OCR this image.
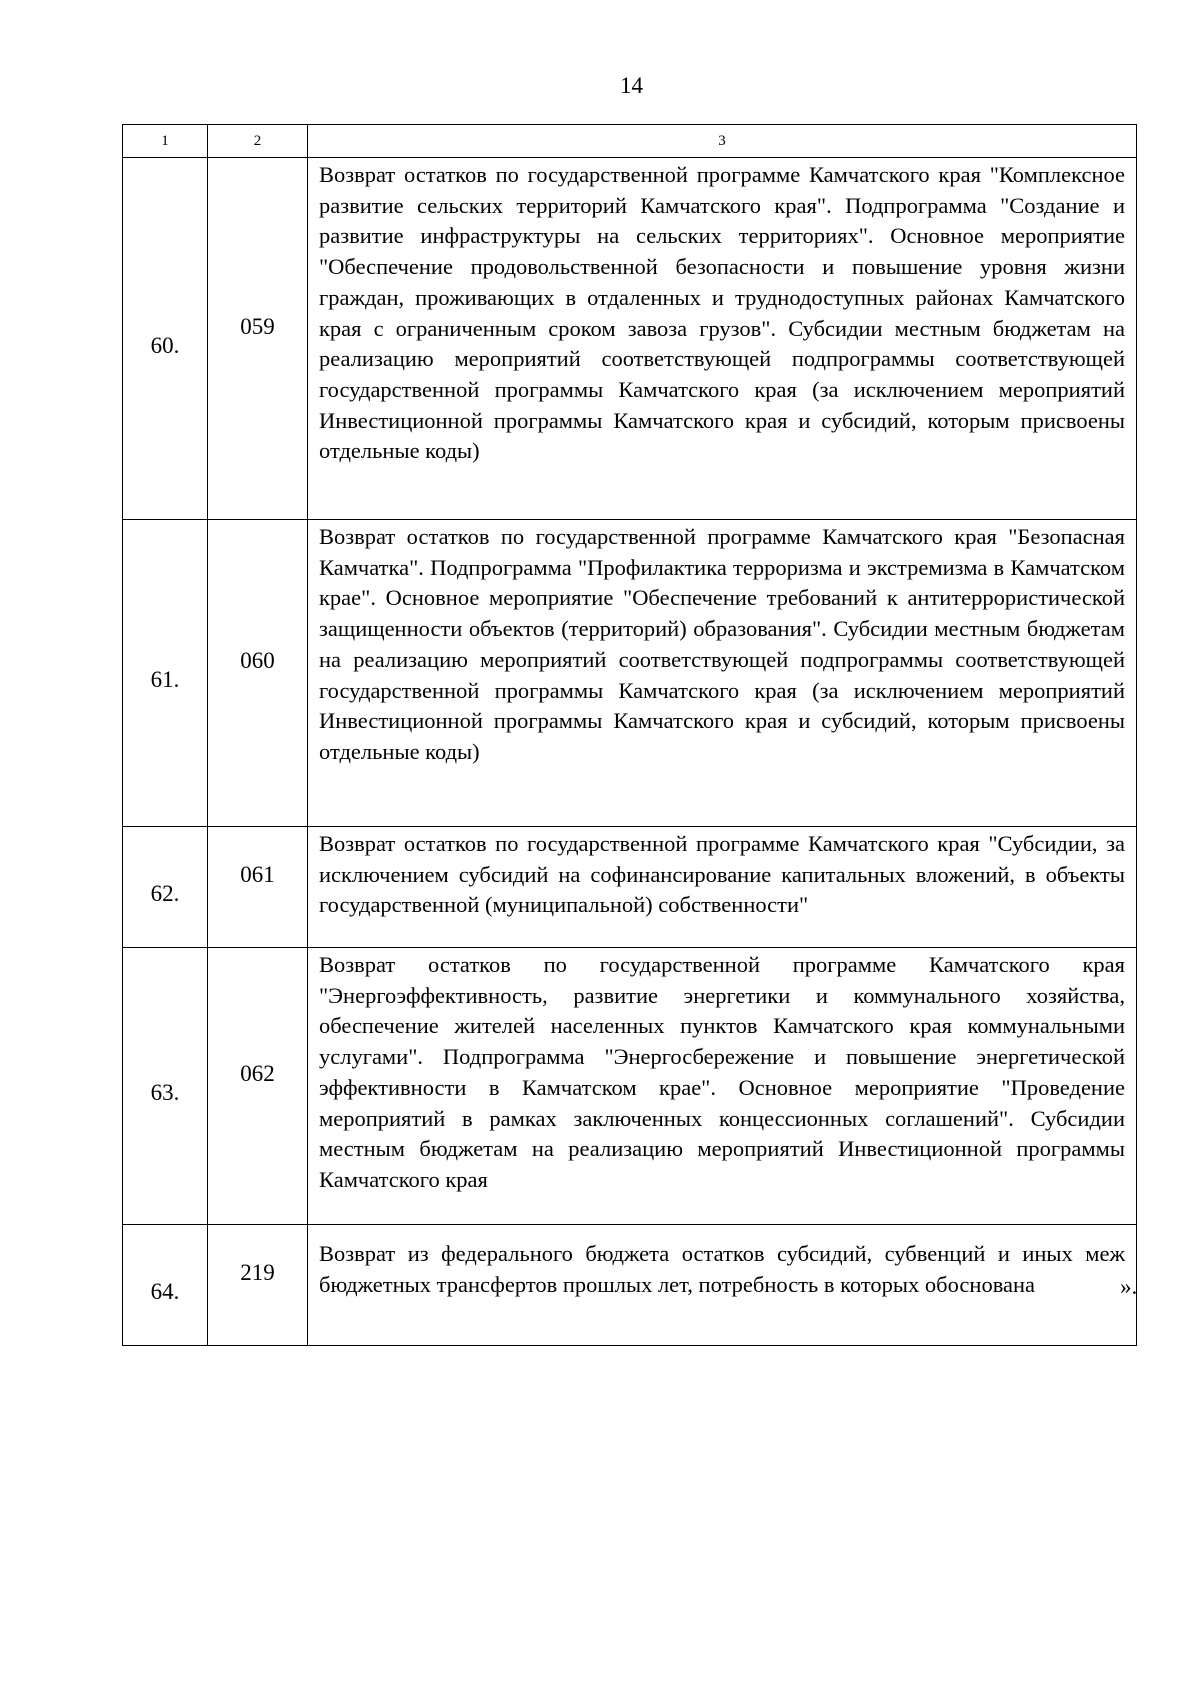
14
1	2	3
60.	059	Возврат остатков по государственной программе Камчатского края "Комплексное развитие сельских территорий Камчатского края". Подпрограмма "Создание и развитие инфраструктуры на сельских территориях". Основное мероприятие "Обеспечение продовольственной безопасности и повышение уровня жизни граждан, проживающих в отдаленных и труднодоступных районах Камчатского края с ограниченным сроком завоза грузов". Субсидии местным бюджетам на реализацию мероприятий соответствующей подпрограммы соответствующей государственной программы Камчатского края (за исключением мероприятий Инвестиционной программы Камчатского края и субсидий, которым присвоены отдельные коды)
61.	060	Возврат остатков по государственной программе Камчатского края "Безопасная Камчатка". Подпрограмма "Профилактика терроризма и экстремизма в Камчатском крае". Основное мероприятие "Обеспечение требований к антитеррористической защищенности объектов (территорий) образования". Субсидии местным бюджетам на реализацию мероприятий соответствующей подпрограммы соответствующей государственной программы Камчатского края (за исключением мероприятий Инвестиционной программы Камчатского края и субсидий, которым присвоены отдельные коды)
62.	061	Возврат остатков по государственной программе Камчатского края "Субсидии, за исключением субсидий на софинансирование капитальных вложений, в объекты государственной (муниципальной) собственности"
63.	062	Возврат остатков по государственной программе Камчатского края "Энергоэффективность, развитие энергетики и коммунального хозяйства, обеспечение жителей населенных пунктов Камчатского края коммунальными услугами". Подпрограмма "Энергосбережение и повышение энергетической эффективности в Камчатском крае". Основное мероприятие "Проведение мероприятий в рамках заключенных концессионных соглашений". Субсидии местным бюджетам на реализацию мероприятий Инвестиционной программы Камчатского края
64.	219	Возврат из федерального бюджета остатков субсидий, субвенций и иных меж бюджетных трансфертов прошлых лет, потребность в которых обоснована	».
